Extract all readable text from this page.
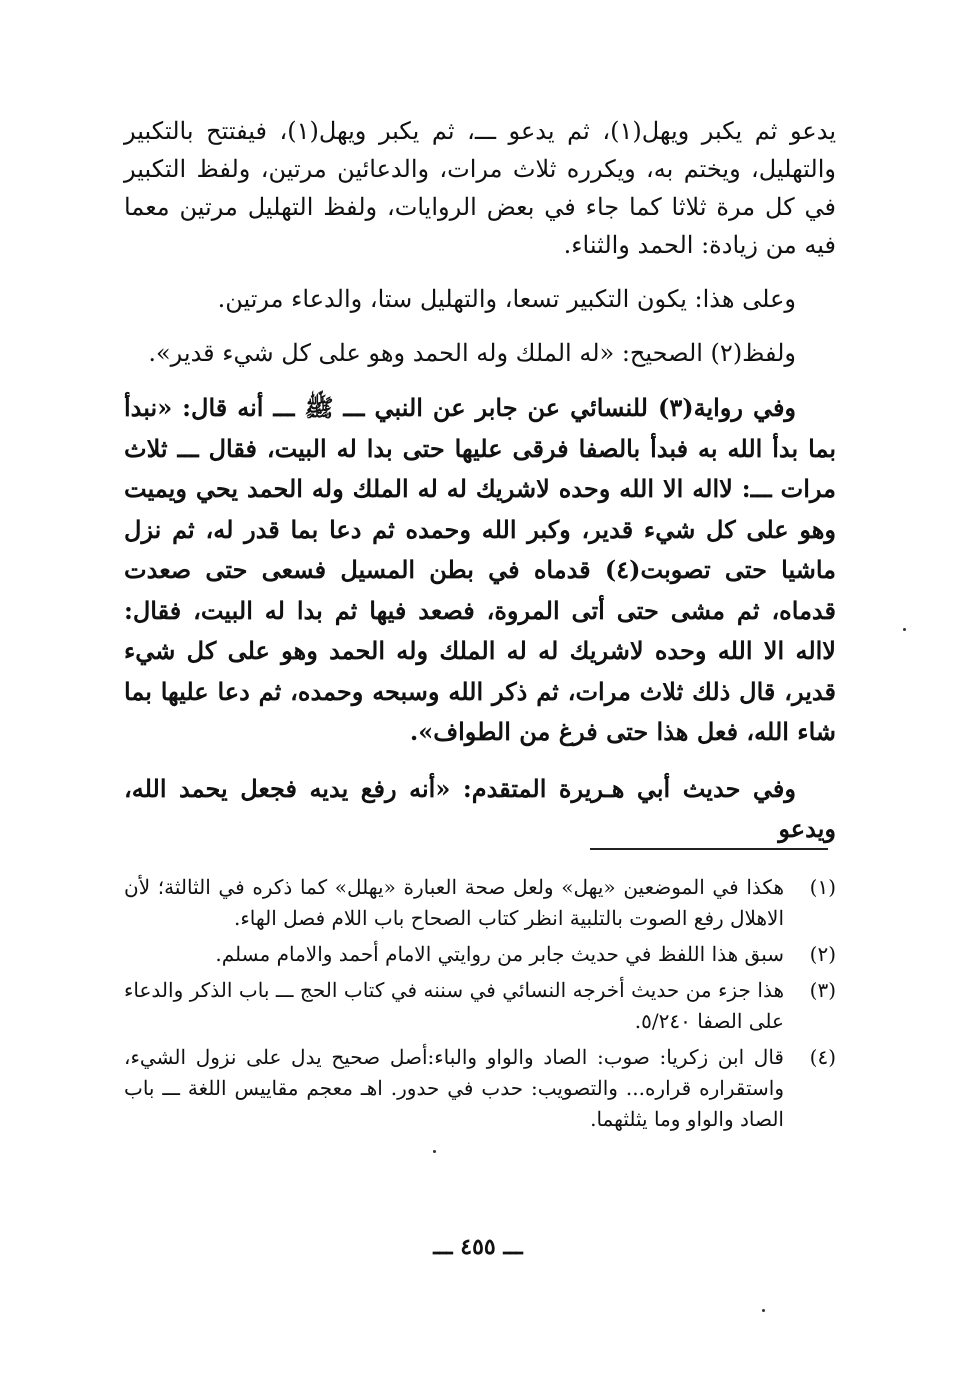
يدعو ثم يكبر ويهل(١)، ثم يدعو ـــ، ثم يكبر ويهل(١)، فيفتتح بالتكبير والتهليل، ويختم به، ويكرره ثلاث مرات، والدعائين مرتين، ولفظ التكبير في كل مرة ثلاثا كما جاء في بعض الروايات، ولفظ التهليل مرتين معما فيه من زيادة: الحمد والثناء.

وعلى هذا: يكون التكبير تسعا، والتهليل ستا، والدعاء مرتين.

ولفظ(٢) الصحيح: «له الملك وله الحمد وهو على كل شيء قدير».

وفي رواية(٣) للنسائي عن جابر عن النبي ـــ ﷺ ـــ أنه قال: «نبدأ بما بدأ الله به فبدأ بالصفا فرقى عليها حتى بدا له البيت، فقال ـــ ثلاث مرات ـــ: لااله الا الله وحده لاشريك له له الملك وله الحمد يحي ويميت وهو على كل شيء قدير، وكبر الله وحمده ثم دعا بما قدر له، ثم نزل ماشيا حتى تصوبت(٤) قدماه في بطن المسيل فسعى حتى صعدت قدماه، ثم مشى حتى أتى المروة، فصعد فيها ثم بدا له البيت، فقال: لااله الا الله وحده لاشريك له له الملك وله الحمد وهو على كل شيء قدير، قال ذلك ثلاث مرات، ثم ذكر الله وسبحه وحمده، ثم دعا عليها بما شاء الله، فعل هذا حتى فرغ من الطواف».

وفي حديث أبي هـريرة المتقدم: «أنه رفع يديه فجعل يحمد الله، ويدعو

(١)
هكذا في الموضعين «يهل» ولعل صحة العبارة «يهلل» كما ذكره في الثالثة؛ لأن الاهلال رفع الصوت بالتلبية انظر كتاب الصحاح باب اللام فصل الهاء.
(٢)
سبق هذا اللفظ في حديث جابر من روايتي الامام أحمد والامام مسلم.
(٣)
هذا جزء من حديث أخرجه النسائي في سننه في كتاب الحج ـــ باب الذكر والدعاء على الصفا ٥/٢٤٠.
(٤)
قال ابن زكريا: صوب: الصاد والواو والباء:أصل صحيح يدل على نزول الشيء، واستقراره قراره... والتصويب: حدب في حدور. اهـ معجم مقاييس اللغة ـــ باب الصاد والواو وما يثلثهما.
ـــ ٤٥٥ ـــ
